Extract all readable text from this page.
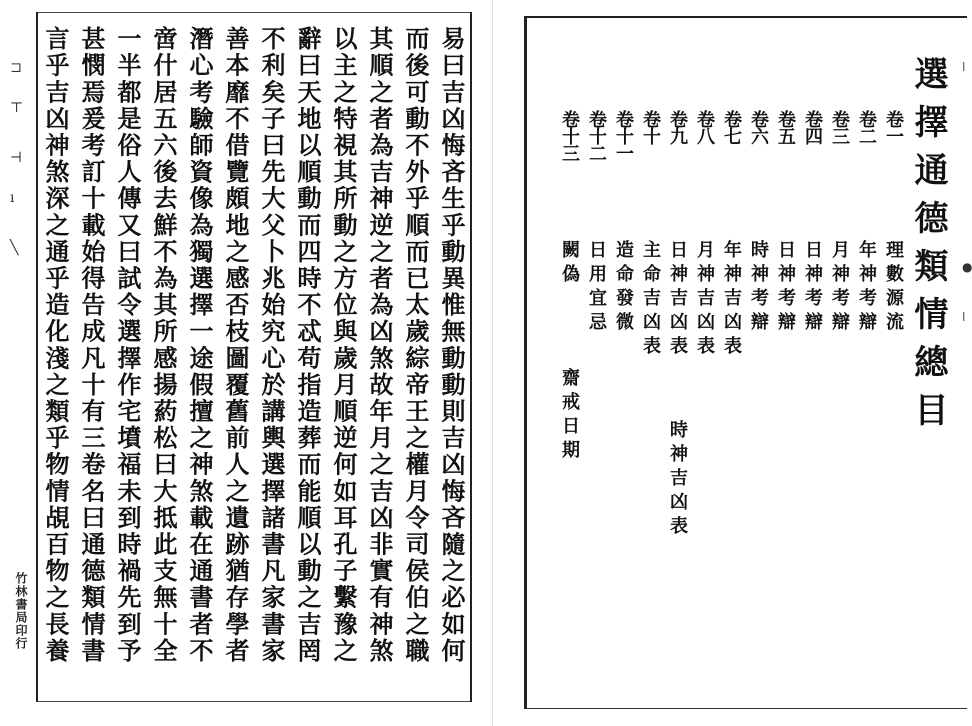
⊐
⊤
⊣
ı
╲
竹林書局印行	易曰吉凶悔吝生乎動異惟無動動則吉凶悔吝隨之必如何
而後可動不外乎順而已太歲綜帝王之權月令司侯伯之職
其順之者為吉神逆之者為凶煞故年月之吉凶非實有神煞
以主之特視其所動之方位與歲月順逆何如耳孔子繫豫之
辭曰天地以順動而四時不忒苟指造葬而能順以動之吉罔
不利矣子曰先大父卜兆始究心於講輿選擇諸書凡家書家
善本靡不借覽頗地之感否枝圖覆舊前人之遺跡猶存學者
潛心考驗師資像為獨選擇一途假擅之神煞載在通書者不
啻什居五六後去鮮不為其所感揚葯松曰大抵此支無十全
一半都是俗人傳又曰試令選擇作宅墳福未到時禍先到予
甚憫焉爰考訂十載始得告成凡十有三卷名曰通德類情書
言乎吉凶神煞深之通乎造化淺之類乎物情覘百物之長養	選擇通德類情總目
卷一
理數源流
卷二
年神考辯
卷三
月神考辯
卷四
日神考辯
卷五
日神考辯
卷六
時神考辯
卷七
年神吉凶表
卷八
月神吉凶表
卷九
日神吉凶表
時神吉凶表
卷十
主命吉凶表
卷十一
造命發微
卷十二
日用宜忌
卷十三
闕偽
齋戒日期
ǀ
●
ǀ
